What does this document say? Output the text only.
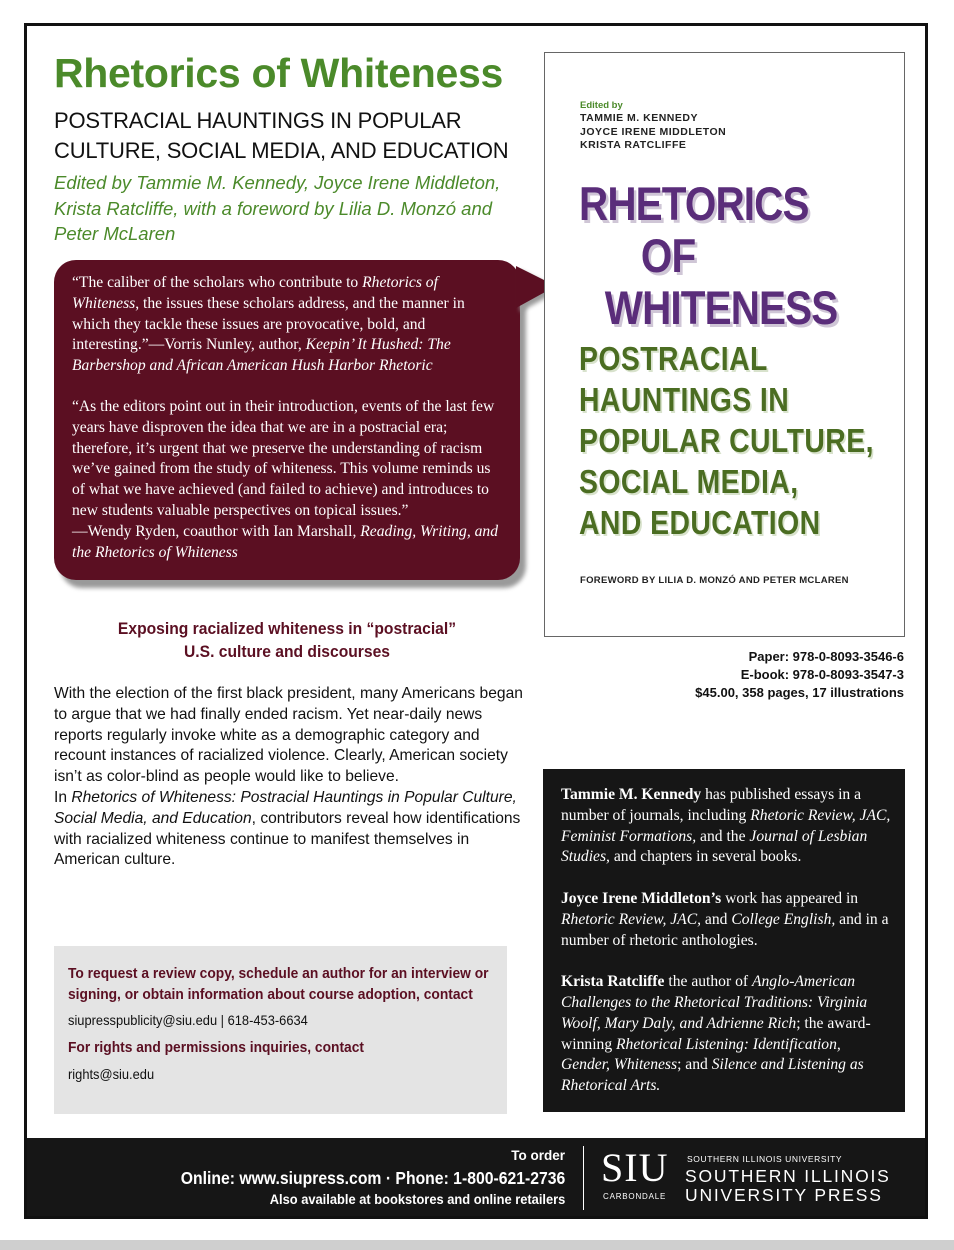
Rhetorics of Whiteness
POSTRACIAL HAUNTINGS IN POPULAR
CULTURE, SOCIAL MEDIA, AND EDUCATION
Edited by Tammie M. Kennedy, Joyce Irene Middleton,
Krista Ratcliffe, with a foreword by Lilia D. Monzó and
Peter McLaren

“The caliber of the scholars who contribute to Rhetorics of Whiteness, the issues these scholars address, and the manner in which they tackle these issues are provocative, bold, and interesting.”—Vorris Nunley, author, Keepin’ It Hushed: The Barbershop and African American Hush Harbor Rhetoric

“As the editors point out in their introduction, events of the last few years have disproven the idea that we are in a postracial era; therefore, it’s urgent that we preserve the understanding of racism we’ve gained from the study of whiteness. This volume reminds us of what we have achieved (and failed to achieve) and introduces to new students valuable perspectives on topical issues.”
—Wendy Ryden, coauthor with Ian Marshall, Reading, Writing, and the Rhetorics of Whiteness

Edited by
TAMMIE M. KENNEDY
JOYCE IRENE MIDDLETON
KRISTA RATCLIFFE
RHETORICS
OF
WHITENESS
POSTRACIAL
HAUNTINGS IN
POPULAR CULTURE,
SOCIAL MEDIA,
AND EDUCATION
FOREWORD BY LILIA D. MONZÓ AND PETER MCLAREN
Paper: 978-0-8093-3546-6
E-book: 978-0-8093-3547-3
$45.00, 358 pages, 17 illustrations
Exposing racialized whiteness in “postracial”
U.S. culture and discourses
With the election of the first black president, many Americans began to argue that we had finally ended racism. Yet near-daily news reports regularly invoke white as a demographic category and recount instances of racialized violence. Clearly, American society isn’t as color-blind as people would like to believe.
In Rhetorics of Whiteness: Postracial Hauntings in Popular Culture, Social Media, and Education, contributors reveal how identifications with racialized whiteness continue to manifest themselves in American culture.
To request a review copy, schedule an author for an interview or signing, or obtain information about course adoption, contact
siupresspublicity@siu.edu | 618-453-6634
For rights and permissions inquiries, contact
rights@siu.edu

Tammie M. Kennedy has published essays in a number of journals, including Rhetoric Review, JAC, Feminist Formations, and the Journal of Lesbian Studies, and chapters in several books.

Joyce Irene Middleton’s work has appeared in Rhetoric Review, JAC, and College English, and in a number of rhetoric anthologies.

Krista Ratcliffe the author of Anglo-American Challenges to the Rhetorical Traditions: Virginia Woolf, Mary Daly, and Adrienne Rich; the award-winning Rhetorical Listening: Identification, Gender, Whiteness; and Silence and Listening as Rhetorical Arts.

To order
Online: www.siupress.com · Phone: 1-800-621-2736
Also available at bookstores and online retailers
SIU
CARBONDALE
SOUTHERN ILLINOIS UNIVERSITY
SOUTHERN ILLINOIS
UNIVERSITY PRESS
